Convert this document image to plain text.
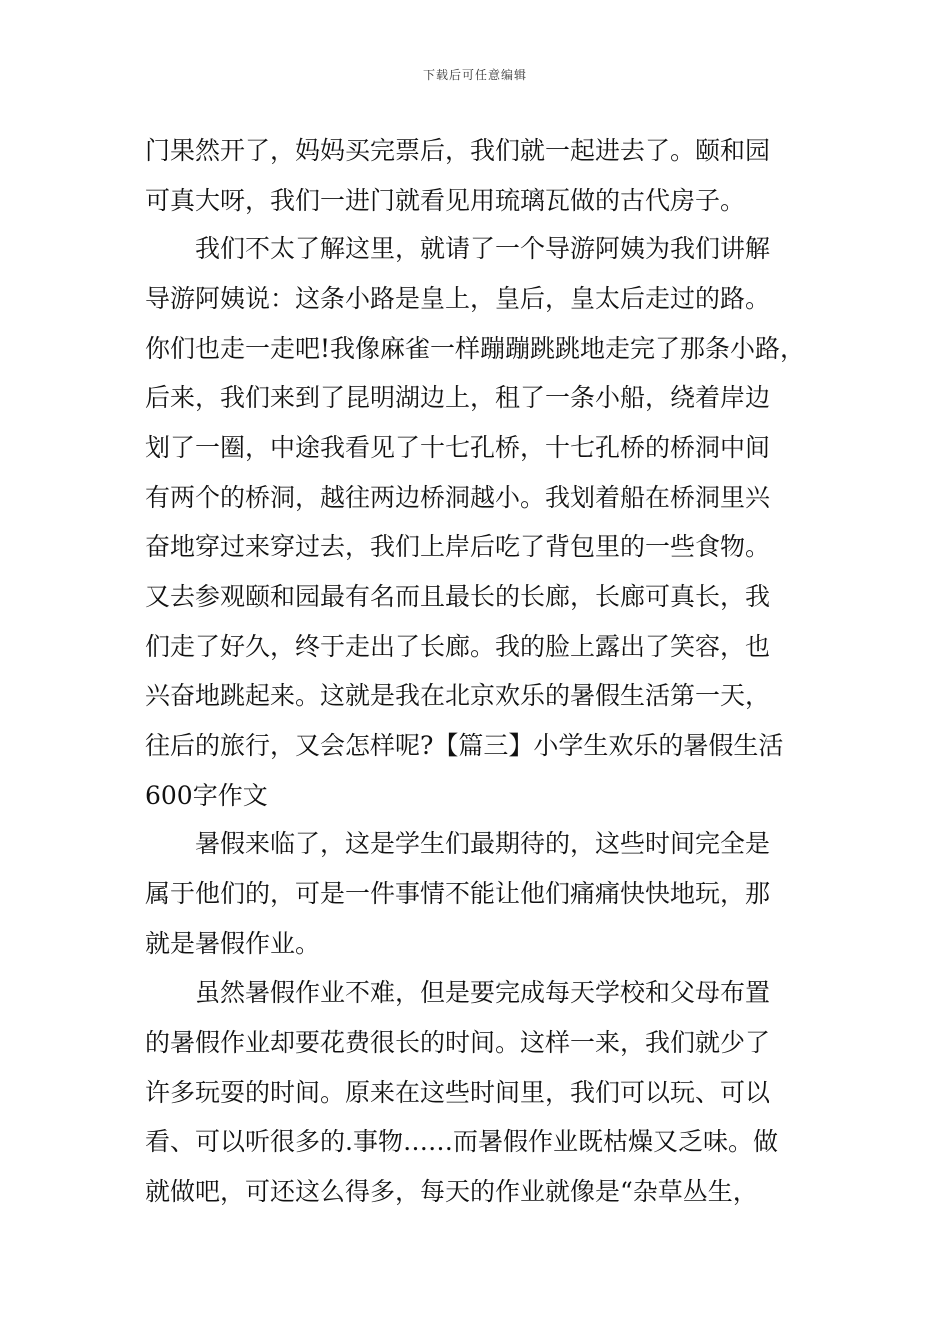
下载后可任意编辑
门果然开了，妈妈买完票后，我们就一起进去了。颐和园
可真大呀，我们一进门就看见用琉璃瓦做的古代房子。
　　我们不太了解这里，就请了一个导游阿姨为我们讲解
导游阿姨说：这条小路是皇上，皇后，皇太后走过的路。
你们也走一走吧!我像麻雀一样蹦蹦跳跳地走完了那条小路，
后来，我们来到了昆明湖边上，租了一条小船，绕着岸边
划了一圈，中途我看见了十七孔桥，十七孔桥的桥洞中间
有两个的桥洞，越往两边桥洞越小。我划着船在桥洞里兴
奋地穿过来穿过去，我们上岸后吃了背包里的一些食物。
又去参观颐和园最有名而且最长的长廊，长廊可真长，我
们走了好久，终于走出了长廊。我的脸上露出了笑容，也
兴奋地跳起来。这就是我在北京欢乐的暑假生活第一天，
往后的旅行，又会怎样呢?【篇三】小学生欢乐的暑假生活
600字作文
　　暑假来临了，这是学生们最期待的，这些时间完全是
属于他们的，可是一件事情不能让他们痛痛快快地玩，那
就是暑假作业。
　　虽然暑假作业不难，但是要完成每天学校和父母布置
的暑假作业却要花费很长的时间。这样一来，我们就少了
许多玩耍的时间。原来在这些时间里，我们可以玩、可以
看、可以听很多的.事物……而暑假作业既枯燥又乏味。做
就做吧，可还这么得多，每天的作业就像是“杂草丛生，
